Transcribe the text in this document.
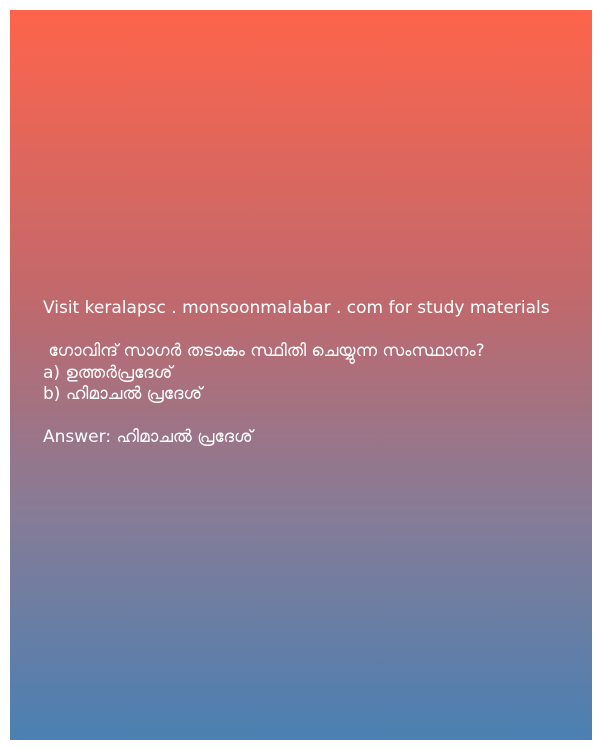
Visit keralapsc . monsoonmalabar . com for study materials
ഗോവിന്ദ് സാഗർ തടാകം സ്ഥിതി ചെയ്യുന്ന സംസ്ഥാനം?
a) ഉത്തർപ്രദേശ്
b) ഹിമാചൽ പ്രദേശ്
Answer: ഹിമാചൽ പ്രദേശ്
